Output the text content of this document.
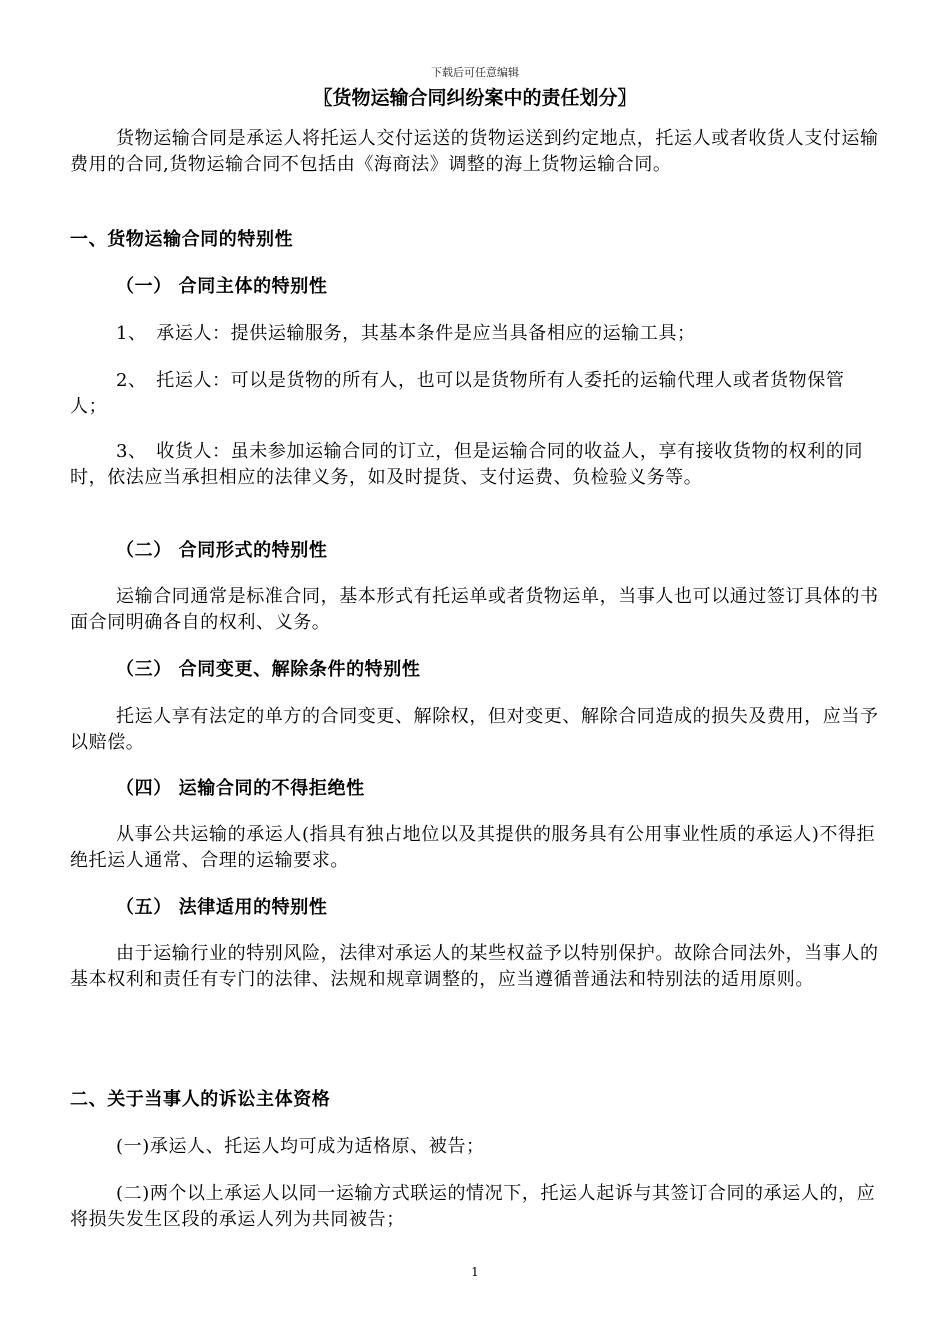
下载后可任意编辑
〖货物运输合同纠纷案中的责任划分〗
货物运输合同是承运人将托运人交付运送的货物运送到约定地点，托运人或者收货人支付运输费用的合同,货物运输合同不包括由《海商法》调整的海上货物运输合同。
一、货物运输合同的特别性
（一） 合同主体的特别性
1、　承运人：提供运输服务，其基本条件是应当具备相应的运输工具；
2、　托运人：可以是货物的所有人，也可以是货物所有人委托的运输代理人或者货物保管人；
3、　收货人：虽未参加运输合同的订立，但是运输合同的收益人，享有接收货物的权利的同时，依法应当承担相应的法律义务，如及时提货、支付运费、负检验义务等。
（二） 合同形式的特别性
运输合同通常是标准合同，基本形式有托运单或者货物运单，当事人也可以通过签订具体的书面合同明确各自的权利、义务。
（三） 合同变更、解除条件的特别性
托运人享有法定的单方的合同变更、解除权，但对变更、解除合同造成的损失及费用，应当予以赔偿。
（四） 运输合同的不得拒绝性
从事公共运输的承运人(指具有独占地位以及其提供的服务具有公用事业性质的承运人)不得拒绝托运人通常、合理的运输要求。
（五） 法律适用的特别性
由于运输行业的特别风险，法律对承运人的某些权益予以特别保护。故除合同法外，当事人的基本权利和责任有专门的法律、法规和规章调整的，应当遵循普通法和特别法的适用原则。
二、关于当事人的诉讼主体资格
(一)承运人、托运人均可成为适格原、被告；
(二)两个以上承运人以同一运输方式联运的情况下，托运人起诉与其签订合同的承运人的，应将损失发生区段的承运人列为共同被告；
1
